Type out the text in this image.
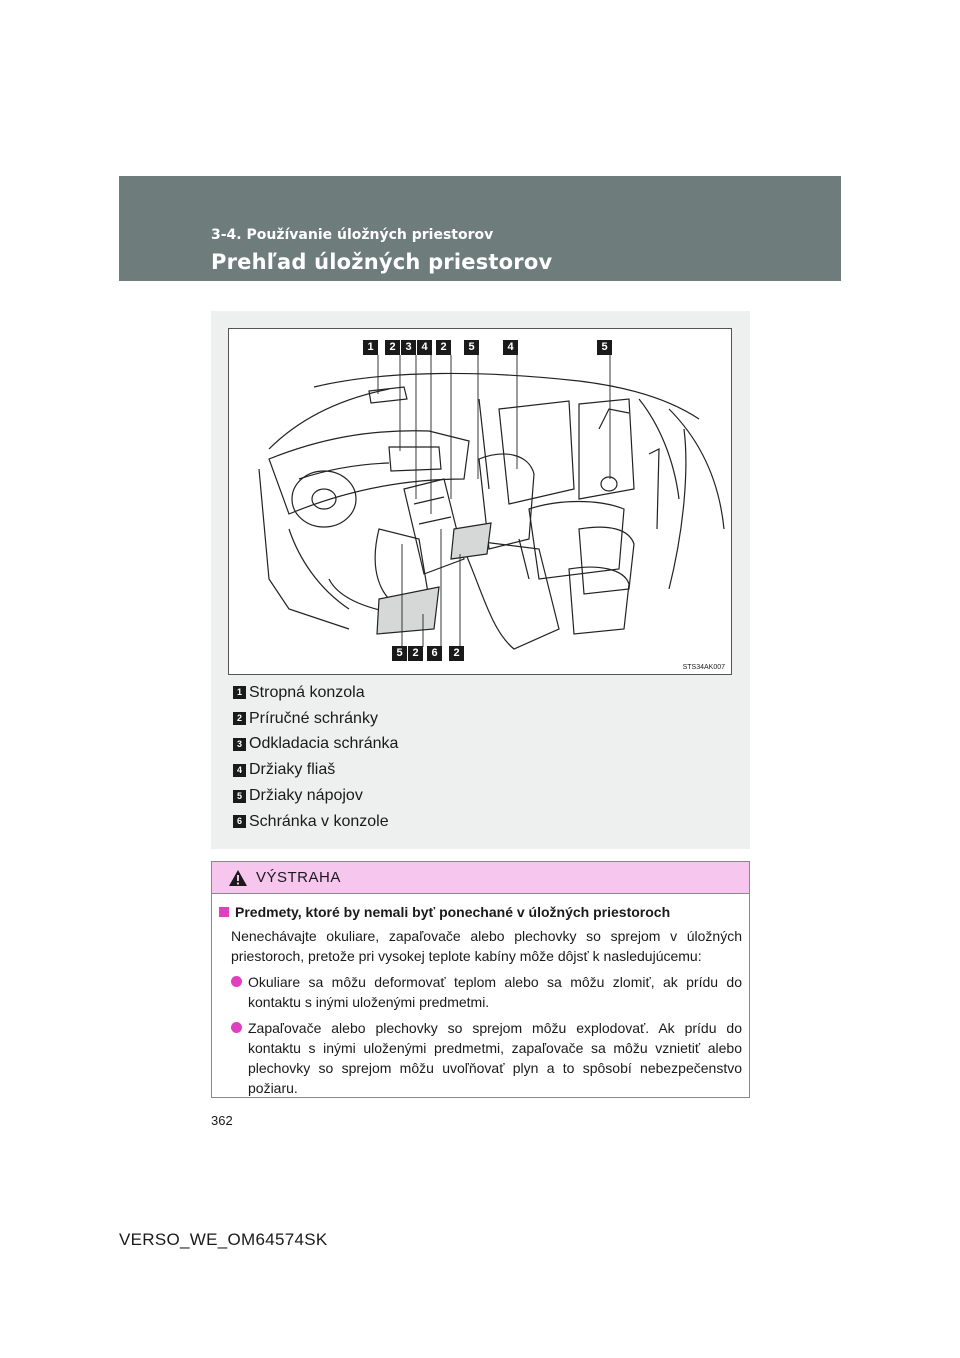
3-4. Používanie úložných priestorov
Prehľad úložných priestorov
STS34AK007
1	2 3 4	2	5	4	5
5 2	6	2
1 Stropná konzola
2 Príručné schránky
3 Odkladacia schránka
4 Držiaky fliaš
5 Držiaky nápojov
6 Schránka v konzole
VÝSTRAHA
Predmety, ktoré by nemali byť ponechané v úložných priestoroch

Nenechávajte okuliare, zapaľovače alebo plechovky so sprejom v úložných priestoroch, pretože pri vysokej teplote kabíny môže dôjsť k nasledujúcemu:

Okuliare sa môžu deformovať teplom alebo sa môžu zlomiť, ak prídu do kontaktu s inými uloženými predmetmi.
Zapaľovače alebo plechovky so sprejom môžu explodovať. Ak prídu do kontaktu s inými uloženými predmetmi, zapaľovače sa môžu vznietiť alebo plechovky so sprejom môžu uvoľňovať plyn a to spôsobí nebezpečenstvo požiaru.
362
VERSO_WE_OM64574SK
